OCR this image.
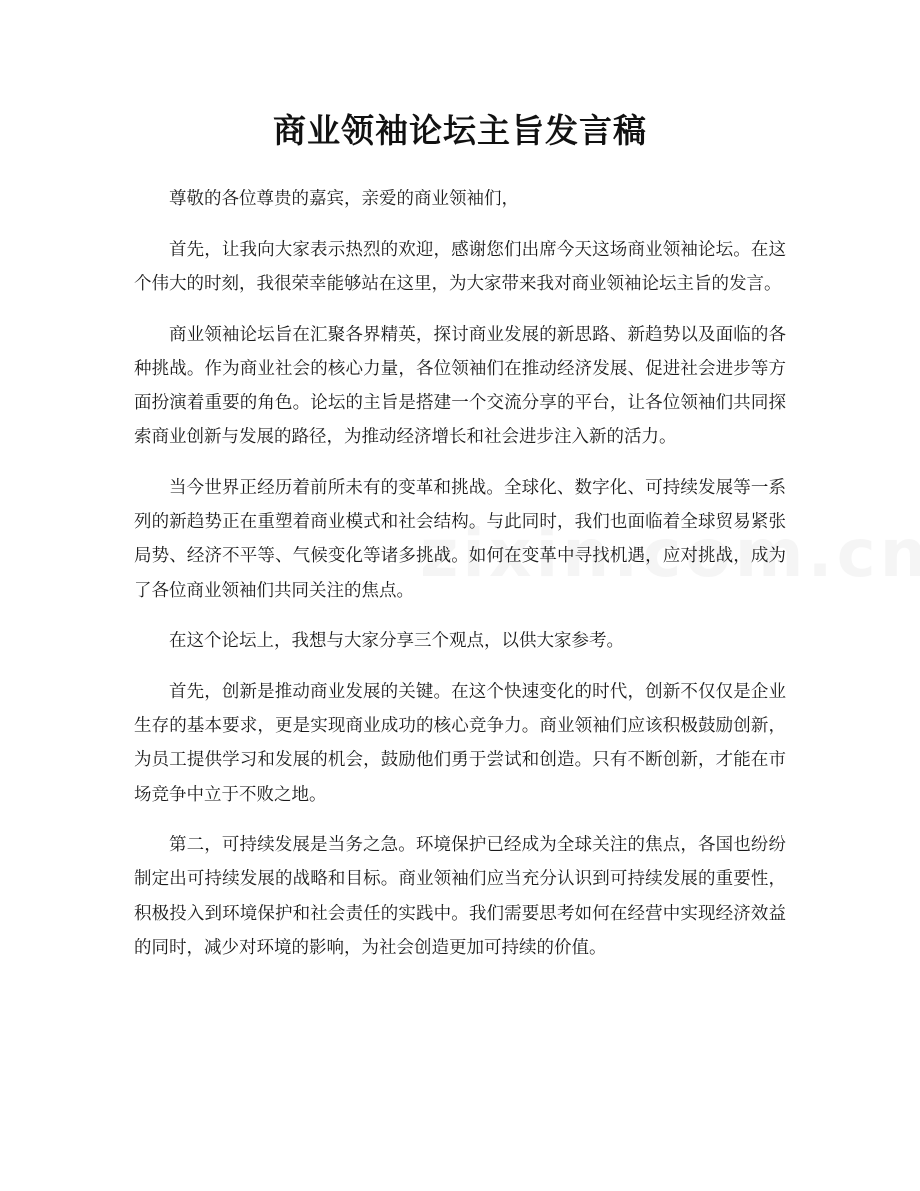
商业领袖论坛主旨发言稿

尊敬的各位尊贵的嘉宾，亲爱的商业领袖们，

首先，让我向大家表示热烈的欢迎，感谢您们出席今天这场商业领袖论坛。在这个伟大的时刻，我很荣幸能够站在这里，为大家带来我对商业领袖论坛主旨的发言。

商业领袖论坛旨在汇聚各界精英，探讨商业发展的新思路、新趋势以及面临的各种挑战。作为商业社会的核心力量，各位领袖们在推动经济发展、促进社会进步等方面扮演着重要的角色。论坛的主旨是搭建一个交流分享的平台，让各位领袖们共同探索商业创新与发展的路径，为推动经济增长和社会进步注入新的活力。

当今世界正经历着前所未有的变革和挑战。全球化、数字化、可持续发展等一系列的新趋势正在重塑着商业模式和社会结构。与此同时，我们也面临着全球贸易紧张局势、经济不平等、气候变化等诸多挑战。如何在变革中寻找机遇，应对挑战，成为了各位商业领袖们共同关注的焦点。

在这个论坛上，我想与大家分享三个观点，以供大家参考。

首先，创新是推动商业发展的关键。在这个快速变化的时代，创新不仅仅是企业生存的基本要求，更是实现商业成功的核心竞争力。商业领袖们应该积极鼓励创新，为员工提供学习和发展的机会，鼓励他们勇于尝试和创造。只有不断创新，才能在市场竞争中立于不败之地。

第二，可持续发展是当务之急。环境保护已经成为全球关注的焦点，各国也纷纷制定出可持续发展的战略和目标。商业领袖们应当充分认识到可持续发展的重要性，积极投入到环境保护和社会责任的实践中。我们需要思考如何在经营中实现经济效益的同时，减少对环境的影响，为社会创造更加可持续的价值。
